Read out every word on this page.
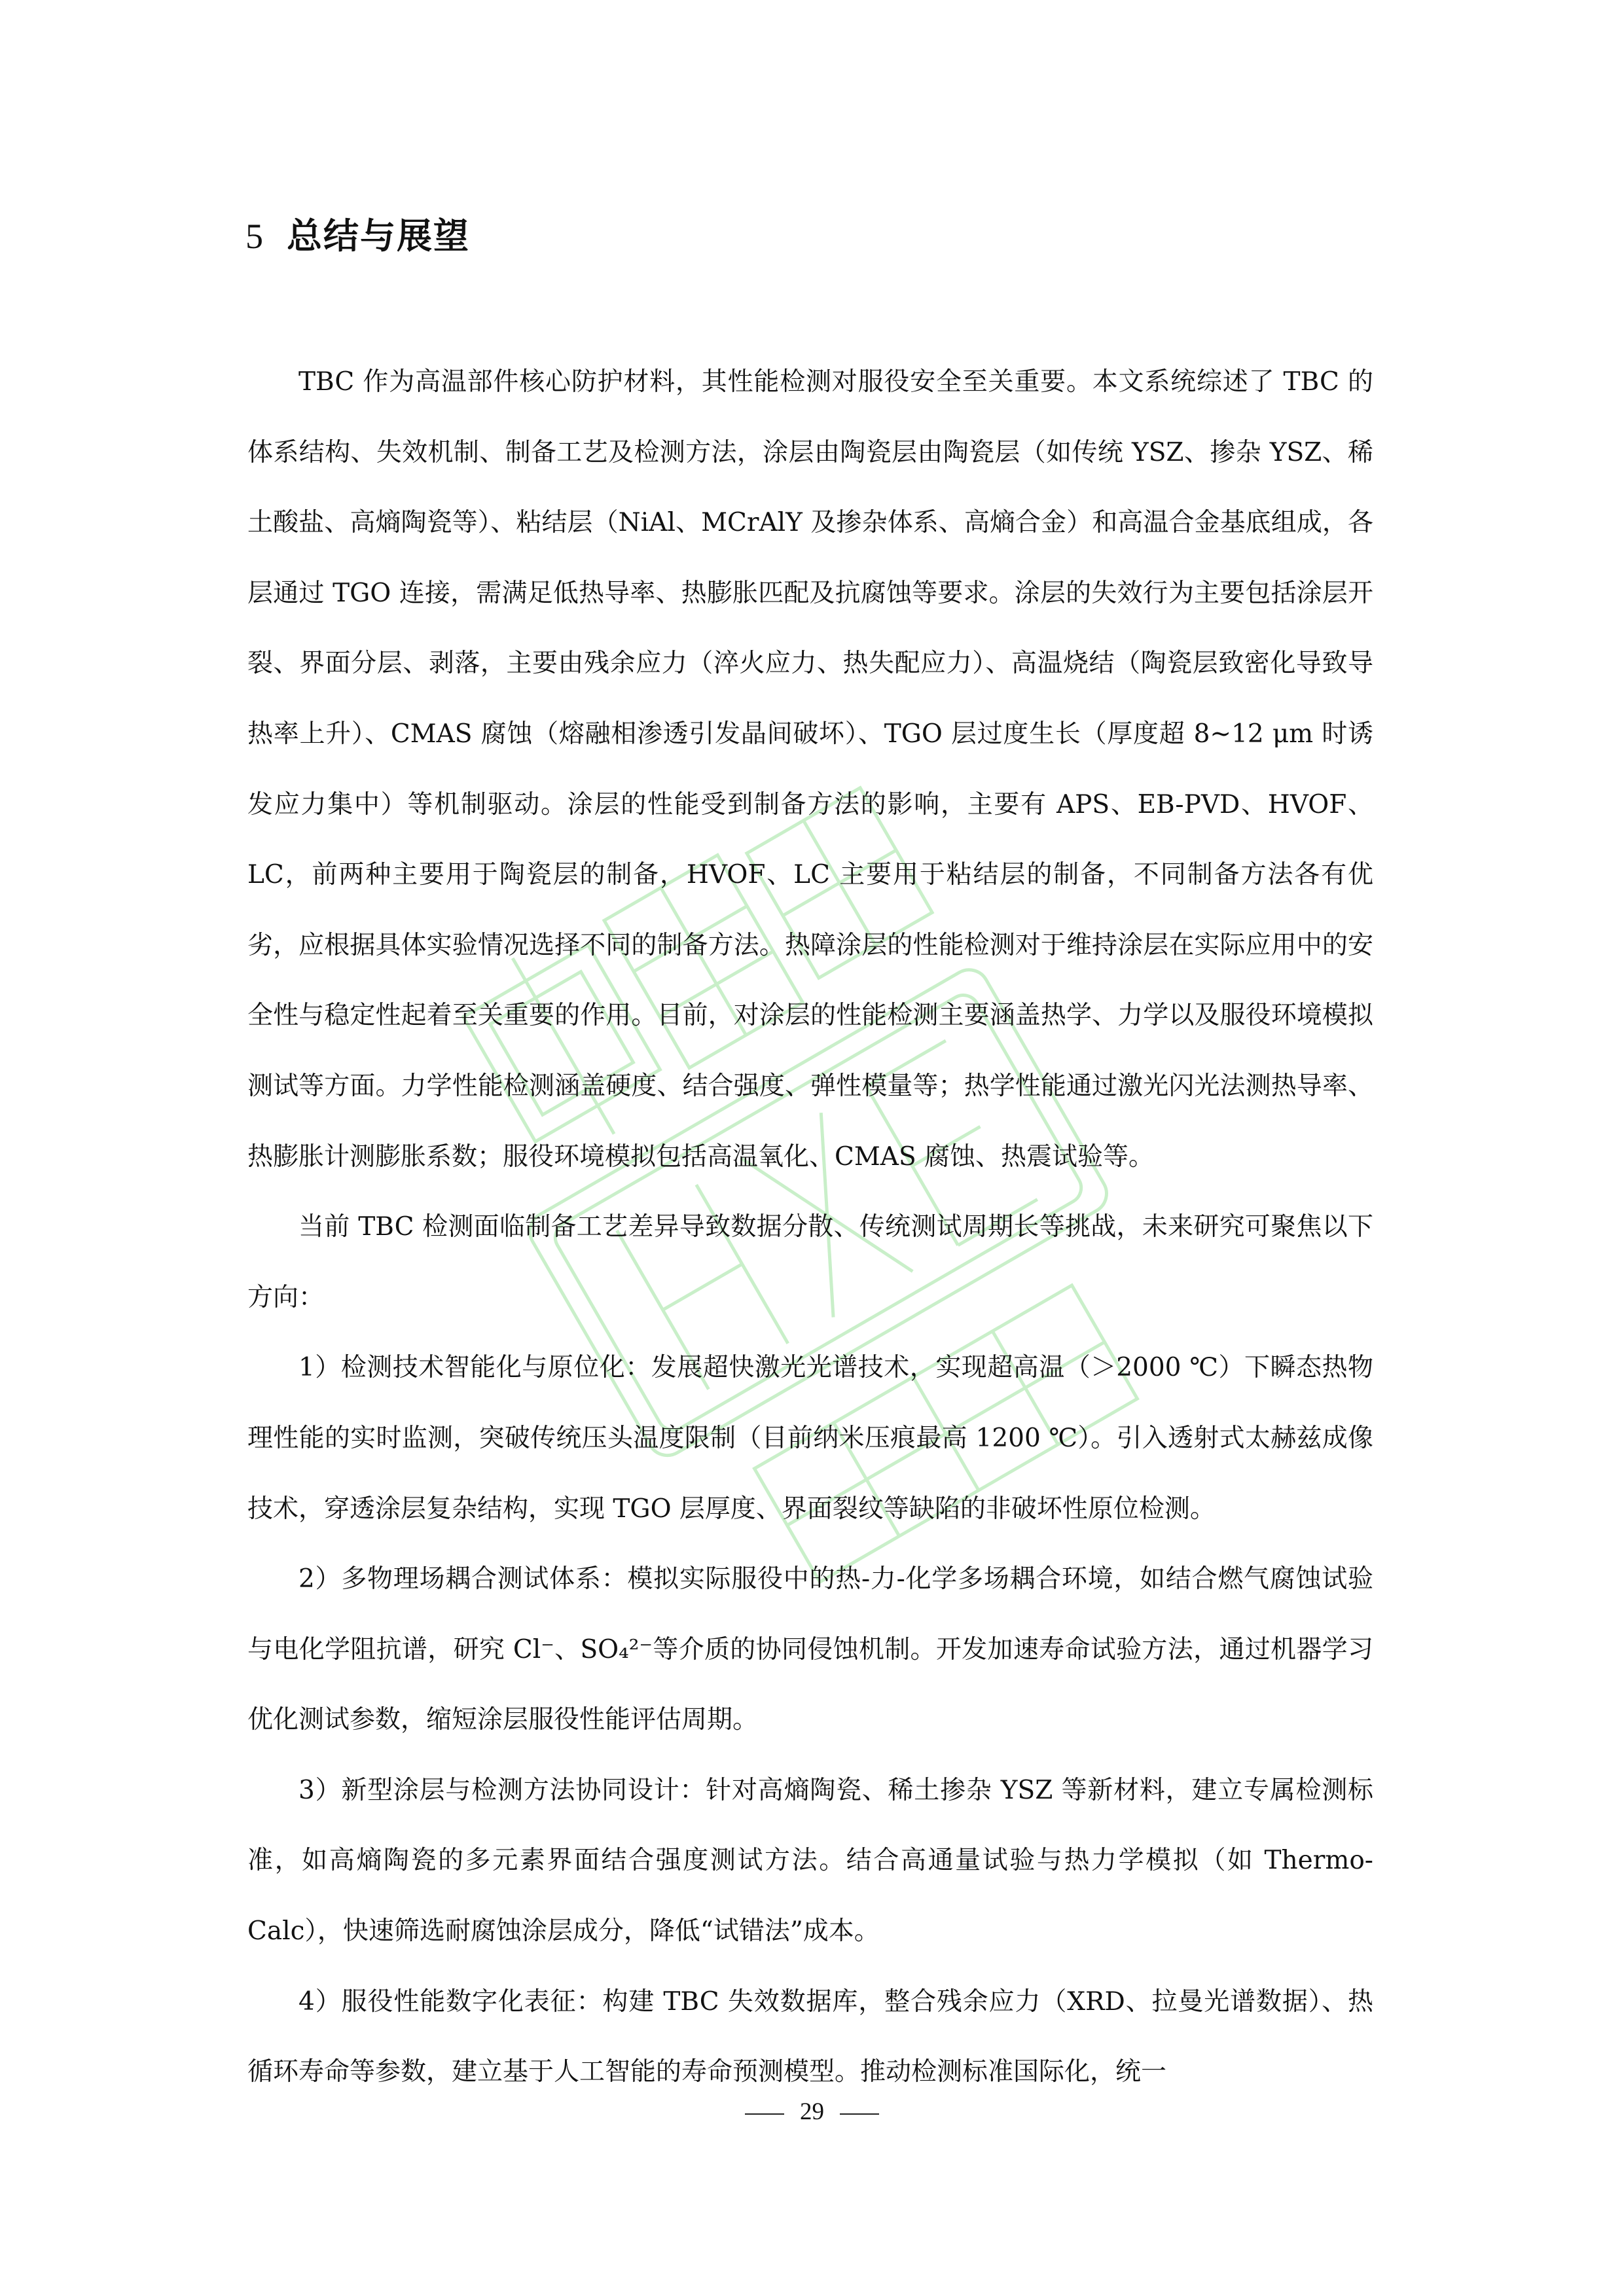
5 总结与展望

TBC 作为高温部件核心防护材料，其性能检测对服役安全至关重要。本文系统综述了 TBC 的体系结构、失效机制、制备工艺及检测方法，涂层由陶瓷层由陶瓷层（如传统 YSZ、掺杂 YSZ、稀土酸盐、高熵陶瓷等）、粘结层（NiAl、MCrAlY 及掺杂体系、高熵合金）和高温合金基底组成，各层通过 TGO 连接，需满足低热导率、热膨胀匹配及抗腐蚀等要求。涂层的失效行为主要包括涂层开裂、界面分层、剥落，主要由残余应力（淬火应力、热失配应力）、高温烧结（陶瓷层致密化导致导热率上升）、CMAS 腐蚀（熔融相渗透引发晶间破坏）、TGO 层过度生长（厚度超 8~12 μm 时诱发应力集中）等机制驱动。涂层的性能受到制备方法的影响，主要有 APS、EB-PVD、HVOF、LC，前两种主要用于陶瓷层的制备，HVOF、LC 主要用于粘结层的制备，不同制备方法各有优劣，应根据具体实验情况选择不同的制备方法。热障涂层的性能检测对于维持涂层在实际应用中的安全性与稳定性起着至关重要的作用。目前，对涂层的性能检测主要涵盖热学、力学以及服役环境模拟测试等方面。力学性能检测涵盖硬度、结合强度、弹性模量等；热学性能通过激光闪光法测热导率、热膨胀计测膨胀系数；服役环境模拟包括高温氧化、CMAS 腐蚀、热震试验等。

当前 TBC 检测面临制备工艺差异导致数据分散、传统测试周期长等挑战，未来研究可聚焦以下方向：

1）检测技术智能化与原位化：发展超快激光光谱技术，实现超高温（＞2000 ℃）下瞬态热物理性能的实时监测，突破传统压头温度限制（目前纳米压痕最高 1200 ℃）。引入透射式太赫兹成像技术，穿透涂层复杂结构，实现 TGO 层厚度、界面裂纹等缺陷的非破坏性原位检测。

2）多物理场耦合测试体系：模拟实际服役中的热-力-化学多场耦合环境，如结合燃气腐蚀试验与电化学阻抗谱，研究 Cl⁻、SO₄²⁻等介质的协同侵蚀机制。开发加速寿命试验方法，通过机器学习优化测试参数，缩短涂层服役性能评估周期。

3）新型涂层与检测方法协同设计：针对高熵陶瓷、稀土掺杂 YSZ 等新材料，建立专属检测标准，如高熵陶瓷的多元素界面结合强度测试方法。结合高通量试验与热力学模拟（如 Thermo-Calc），快速筛选耐腐蚀涂层成分，降低“试错法”成本。

4）服役性能数字化表征：构建 TBC 失效数据库，整合残余应力（XRD、拉曼光谱数据）、热循环寿命等参数，建立基于人工智能的寿命预测模型。推动检测标准国际化，统一

29
